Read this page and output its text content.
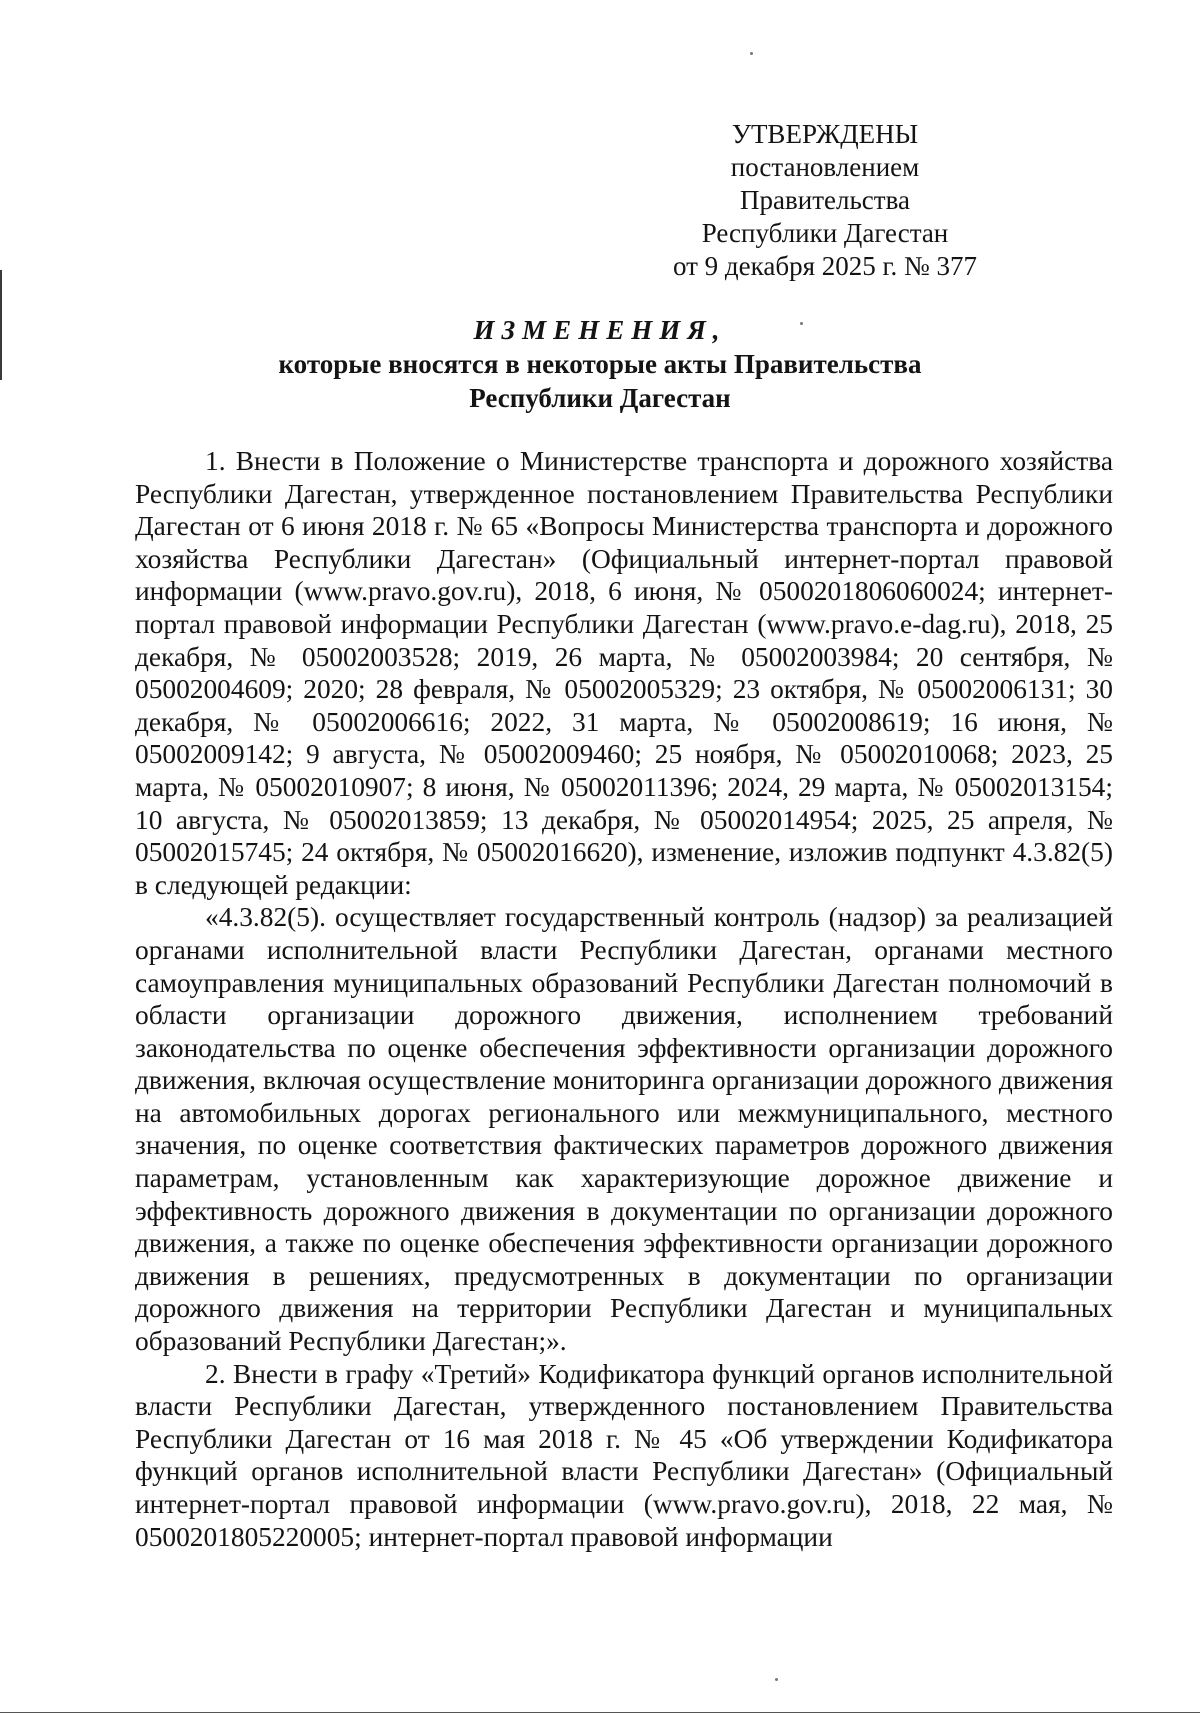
УТВЕРЖДЕНЫ
постановлением Правительства
Республики Дагестан
от 9 декабря 2025 г. № 377
ИЗМЕНЕНИЯ,
которые вносятся в некоторые акты Правительства
Республики Дагестан

1. Внести в Положение о Министерстве транспорта и дорожного хозяйства Республики Дагестан, утвержденное постановлением Правительства Республики Дагестан от 6 июня 2018 г. № 65 «Вопросы Министерства транспорта и дорожного хозяйства Республики Дагестан» (Официальный интернет-портал правовой информации (www.pravo.gov.ru), 2018, 6 июня, № 0500201806060024; интернет-портал правовой информации Республики Дагестан (www.pravo.e-dag.ru), 2018, 25 декабря, № 05002003528; 2019, 26 марта, № 05002003984; 20 сентября, № 05002004609; 2020; 28 февраля, № 05002005329; 23 октября, № 05002006131; 30 декабря, № 05002006616; 2022, 31 марта, № 05002008619; 16 июня, № 05002009142; 9 августа, № 05002009460; 25 ноября, № 05002010068; 2023, 25 марта, № 05002010907; 8 июня, № 05002011396; 2024, 29 марта, № 05002013154; 10 августа, № 05002013859; 13 декабря, № 05002014954; 2025, 25 апреля, № 05002015745; 24 октября, № 05002016620), изменение, изложив подпункт 4.3.82(5) в следующей редакции:

«4.3.82(5). осуществляет государственный контроль (надзор) за реализацией органами исполнительной власти Республики Дагестан, органами местного самоуправления муниципальных образований Республики Дагестан полномочий в области организации дорожного движения, исполнением требований законодательства по оценке обеспечения эффективности организации дорожного движения, включая осуществление мониторинга организации дорожного движения на автомобильных дорогах регионального или межмуниципального, местного значения, по оценке соответствия фактических параметров дорожного движения параметрам, установленным как характеризующие дорожное движение и эффективность дорожного движения в документации по организации дорожного движения, а также по оценке обеспечения эффективности организации дорожного движения в решениях, предусмотренных в документации по организации дорожного движения на территории Республики Дагестан и муниципальных образований Республики Дагестан;».

2. Внести в графу «Третий» Кодификатора функций органов исполнительной власти Республики Дагестан, утвержденного постановлением Правительства Республики Дагестан от 16 мая 2018 г. № 45 «Об утверждении Кодификатора функций органов исполнительной власти Республики Дагестан» (Официальный интернет-портал правовой информации (www.pravo.gov.ru), 2018, 22 мая, № 0500201805220005; интернет-портал правовой информации
